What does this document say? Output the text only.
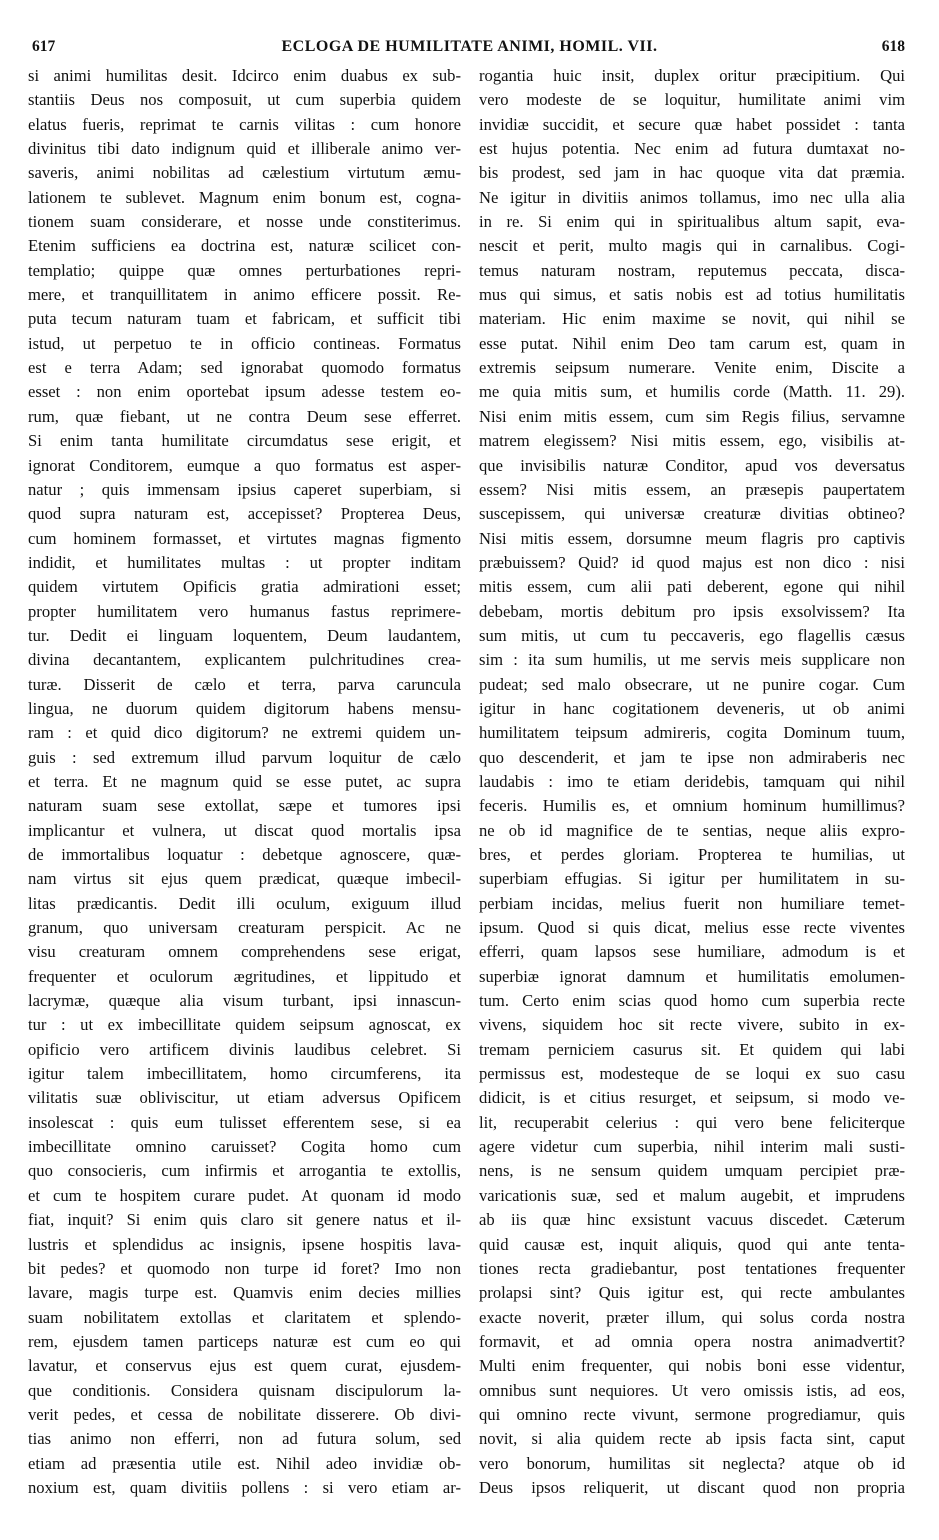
617	ECLOGA DE HUMILITATE ANIMI, HOMIL. VII.	618
si animi humilitas desit. Idcirco enim duabus ex sub-
stantiis Deus nos composuit, ut cum superbia quidem
elatus fueris, reprimat te carnis vilitas : cum honore
divinitus tibi dato indignum quid et illiberale animo ver-
saveris, animi nobilitas ad cælestium virtutum æmu-
lationem te sublevet. Magnum enim bonum est, cogna-
tionem suam considerare, et nosse unde constiterimus.
Etenim sufficiens ea doctrina est, naturæ scilicet con-
templatio; quippe quæ omnes perturbationes repri-
mere, et tranquillitatem in animo efficere possit. Re-
puta tecum naturam tuam et fabricam, et sufficit tibi
istud, ut perpetuo te in officio contineas. Formatus
est e terra Adam; sed ignorabat quomodo formatus
esset : non enim oportebat ipsum adesse testem eo-
rum, quæ fiebant, ut ne contra Deum sese efferret.
Si enim tanta humilitate circumdatus sese erigit, et
ignorat Conditorem, eumque a quo formatus est asper-
natur ; quis immensam ipsius caperet superbiam, si
quod supra naturam est, accepisset? Propterea Deus,
cum hominem formasset, et virtutes magnas figmento
indidit, et humilitates multas : ut propter inditam
quidem virtutem Opificis gratia admirationi esset;
propter humilitatem vero humanus fastus reprimere-
tur. Dedit ei linguam loquentem, Deum laudantem,
divina decantantem, explicantem pulchritudines crea-
turæ. Disserit de cælo et terra, parva caruncula
lingua, ne duorum quidem digitorum habens mensu-
ram : et quid dico digitorum? ne extremi quidem un-
guis : sed extremum illud parvum loquitur de cælo
et terra. Et ne magnum quid se esse putet, ac supra
naturam suam sese extollat, sæpe et tumores ipsi
implicantur et vulnera, ut discat quod mortalis ipsa
de immortalibus loquatur : debetque agnoscere, quæ-
nam virtus sit ejus quem prædicat, quæque imbecil-
litas prædicantis. Dedit illi oculum, exiguum illud
granum, quo universam creaturam perspicit. Ac ne
visu creaturam omnem comprehendens sese erigat,
frequenter et oculorum ægritudines, et lippitudo et
lacrymæ, quæque alia visum turbant, ipsi innascun-
tur : ut ex imbecillitate quidem seipsum agnoscat, ex
opificio vero artificem divinis laudibus celebret. Si
igitur talem imbecillitatem, homo circumferens, ita
vilitatis suæ obliviscitur, ut etiam adversus Opificem
insolescat : quis eum tulisset efferentem sese, si ea
imbecillitate omnino caruisset? Cogita homo cum
quo consocieris, cum infirmis et arrogantia te extollis,
et cum te hospitem curare pudet. At quonam id modo
fiat, inquit? Si enim quis claro sit genere natus et il-
lustris et splendidus ac insignis, ipsene hospitis lava-
bit pedes? et quomodo non turpe id foret? Imo non
lavare, magis turpe est. Quamvis enim decies millies
suam nobilitatem extollas et claritatem et splendo-
rem, ejusdem tamen particeps naturæ est cum eo qui
lavatur, et conservus ejus est quem curat, ejusdem-
que conditionis. Considera quisnam discipulorum la-
verit pedes, et cessa de nobilitate disserere. Ob divi-
tias animo non efferri, non ad futura solum, sed
etiam ad præsentia utile est. Nihil adeo invidiæ ob-
noxium est, quam divitiis pollens : si vero etiam ar-
rogantia huic insit, duplex oritur præcipitium. Qui
vero modeste de se loquitur, humilitate animi vim
invidiæ succidit, et secure quæ habet possidet : tanta
est hujus potentia. Nec enim ad futura dumtaxat no-
bis prodest, sed jam in hac quoque vita dat præmia.
Ne igitur in divitiis animos tollamus, imo nec ulla alia
in re. Si enim qui in spiritualibus altum sapit, eva-
nescit et perit, multo magis qui in carnalibus. Cogi-
temus naturam nostram, reputemus peccata, disca-
mus qui simus, et satis nobis est ad totius humilitatis
materiam. Hic enim maxime se novit, qui nihil se
esse putat. Nihil enim Deo tam carum est, quam in
extremis seipsum numerare. Venite enim, Discite a
me quia mitis sum, et humilis corde (Matth. 11. 29).
Nisi enim mitis essem, cum sim Regis filius, servamne
matrem elegissem? Nisi mitis essem, ego, visibilis at-
que invisibilis naturæ Conditor, apud vos deversatus
essem? Nisi mitis essem, an præsepis paupertatem
suscepissem, qui universæ creaturæ divitias obtineo?
Nisi mitis essem, dorsumne meum flagris pro captivis
præbuissem? Quid? id quod majus est non dico : nisi
mitis essem, cum alii pati deberent, egone qui nihil
debebam, mortis debitum pro ipsis exsolvissem? Ita
sum mitis, ut cum tu peccaveris, ego flagellis cæsus
sim : ita sum humilis, ut me servis meis supplicare non
pudeat; sed malo obsecrare, ut ne punire cogar. Cum
igitur in hanc cogitationem deveneris, ut ob animi
humilitatem teipsum admireris, cogita Dominum tuum,
quo descenderit, et jam te ipse non admiraberis nec
laudabis : imo te etiam deridebis, tamquam qui nihil
feceris. Humilis es, et omnium hominum humillimus?
ne ob id magnifice de te sentias, neque aliis expro-
bres, et perdes gloriam. Propterea te humilias, ut
superbiam effugias. Si igitur per humilitatem in su-
perbiam incidas, melius fuerit non humiliare temet-
ipsum. Quod si quis dicat, melius esse recte viventes
efferri, quam lapsos sese humiliare, admodum is et
superbiæ ignorat damnum et humilitatis emolumen-
tum. Certo enim scias quod homo cum superbia recte
vivens, siquidem hoc sit recte vivere, subito in ex-
tremam perniciem casurus sit. Et quidem qui labi
permissus est, modesteque de se loqui ex suo casu
didicit, is et citius resurget, et seipsum, si modo ve-
lit, recuperabit celerius : qui vero bene feliciterque
agere videtur cum superbia, nihil interim mali susti-
nens, is ne sensum quidem umquam percipiet præ-
varicationis suæ, sed et malum augebit, et imprudens
ab iis quæ hinc exsistunt vacuus discedet. Cæterum
quid causæ est, inquit aliquis, quod qui ante tenta-
tiones recta gradiebantur, post tentationes frequenter
prolapsi sint? Quis igitur est, qui recte ambulantes
exacte noverit, præter illum, qui solus corda nostra
formavit, et ad omnia opera nostra animadvertit?
Multi enim frequenter, qui nobis boni esse videntur,
omnibus sunt nequiores. Ut vero omissis istis, ad eos,
qui omnino recte vivunt, sermone progrediamur, quis
novit, si alia quidem recte ab ipsis facta sint, caput
vero bonorum, humilitas sit neglecta? atque ob id
Deus ipsos reliquerit, ut discant quod non propria
